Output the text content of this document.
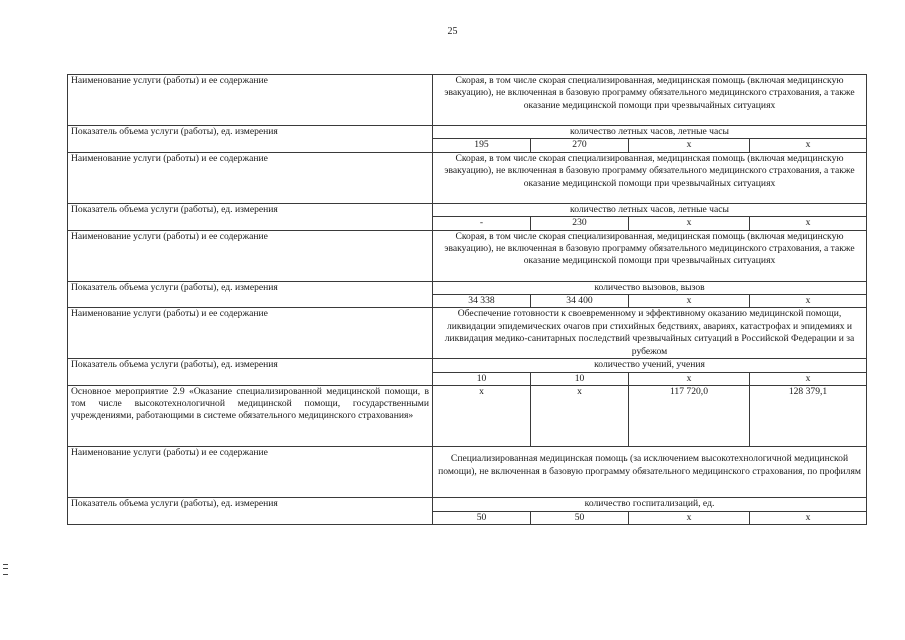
25
Наименование услуги (работы) и ее содержание	Скорая, в том числе скорая специализированная, медицинская помощь (включая медицинскую эвакуацию), не включенная в базовую программу обязательного медицинского страхования, а также оказание медицинской помощи при чрезвычайных ситуациях			
Показатель объема услуги (работы), ед. измерения	количество летных часов, летные часы			
	195	270	х	х
Наименование услуги (работы) и ее содержание	Скорая, в том числе скорая специализированная, медицинская помощь (включая медицинскую эвакуацию), не включенная в базовую программу обязательного медицинского страхования, а также оказание медицинской помощи при чрезвычайных ситуациях			
Показатель объема услуги (работы), ед. измерения	количество летных часов, летные часы			
	-	230	х	х
Наименование услуги (работы) и ее содержание	Скорая, в том числе скорая специализированная, медицинская помощь (включая медицинскую эвакуацию), не включенная в базовую программу обязательного медицинского страхования, а также оказание медицинской помощи при чрезвычайных ситуациях			
Показатель объема услуги (работы), ед. измерения	количество вызовов, вызов			
	34 338	34 400	х	х
Наименование услуги (работы) и ее содержание	Обеспечение готовности к своевременному и эффективному оказанию медицинской помощи, ликвидации эпидемических очагов при стихийных бедствиях, авариях, катастрофах и эпидемиях и ликвидация медико-санитарных последствий чрезвычайных ситуаций в Российской Федерации и за рубежом			
Показатель объема услуги (работы), ед. измерения	количество учений, учения			
	10	10	х	х
Основное мероприятие 2.9 «Оказание специализированной медицинской помощи, в том числе высокотехнологичной медицинской помощи, государственными учреждениями, работающими в системе обязательного медицинского страхования»	х	х	117 720,0	128 379,1
Наименование услуги (работы) и ее содержание	Специализированная медицинская помощь (за исключением высокотехнологичной медицинской помощи), не включенная в базовую программу обязательного медицинского страхования, по профилям			
Показатель объема услуги (работы), ед. измерения	количество госпитализаций, ед.			
	50	50	х	х
